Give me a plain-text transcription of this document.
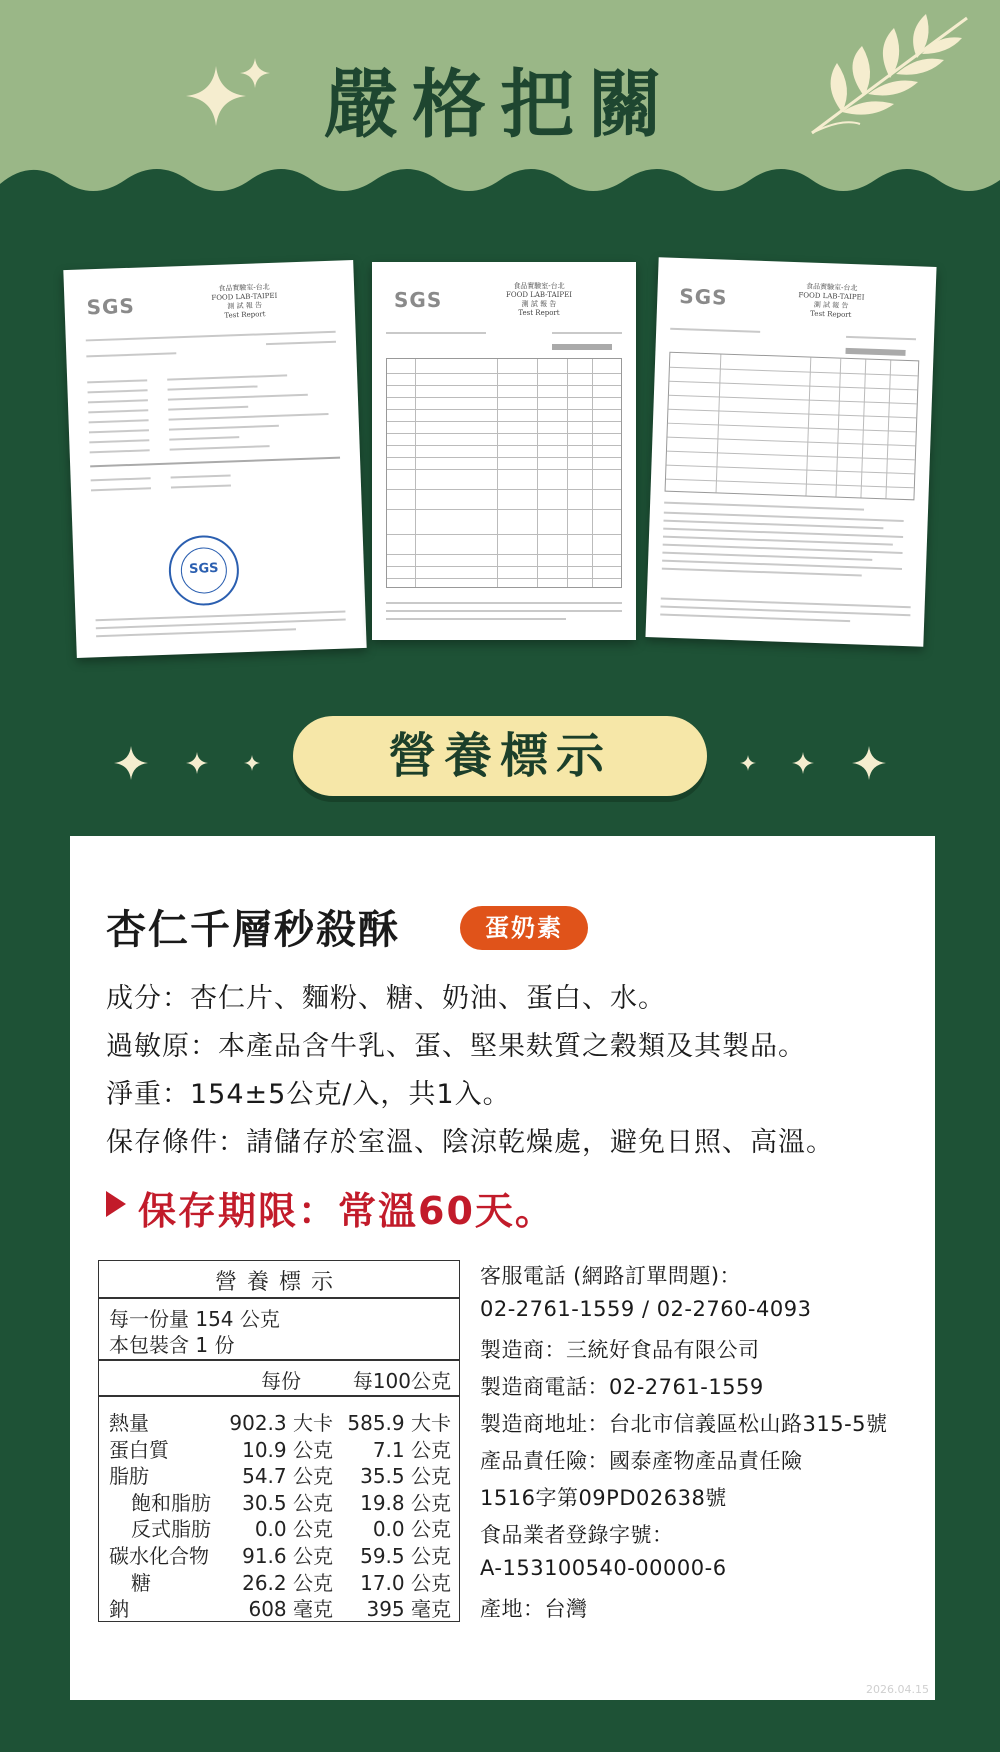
嚴格把關
SGS
食品實驗室-台北
FOOD LAB-TAIPEI
測 試 報 告
Test Report
SGS
SGS
食品實驗室-台北
FOOD LAB-TAIPEI
測 試 報 告
Test Report
SGS	食品實驗室-台北
FOOD LAB-TAIPEI
測 試 報 告
Test Report
營養標示
杏仁千層秒殺酥	蛋奶素
成分：杏仁片、麵粉、糖、奶油、蛋白、水。
過敏原：本產品含牛乳、蛋、堅果麸質之穀類及其製品。
淨重：154±5公克/入，共1入。
保存條件：請儲存於室溫、陰涼乾燥處，避免日照、高溫。
保存期限：常溫60天。
營養標示
每一份量 154 公克
本包裝含 1 份
每份	每100公克
熱量	902.3 大卡 585.9 大卡
蛋白質	10.9 公克 7.1 公克
脂肪	54.7 公克 35.5 公克
飽和脂肪 30.5 公克 19.8 公克
反式脂肪 0.0 公克 0.0 公克
碳水化合物 91.6 公克 59.5 公克
糖	26.2 公克 17.0 公克
鈉	608 毫克 395 毫克
客服電話 (網路訂單問題)：
02-2761-1559 / 02-2760-4093
製造商：三統好食品有限公司
製造商電話：02-2761-1559
製造商地址：台北市信義區松山路315-5號
產品責任險：國泰產物產品責任險
1516字第09PD02638號
食品業者登錄字號：
A-153100540-00000-6
產地：台灣
2026.04.15
